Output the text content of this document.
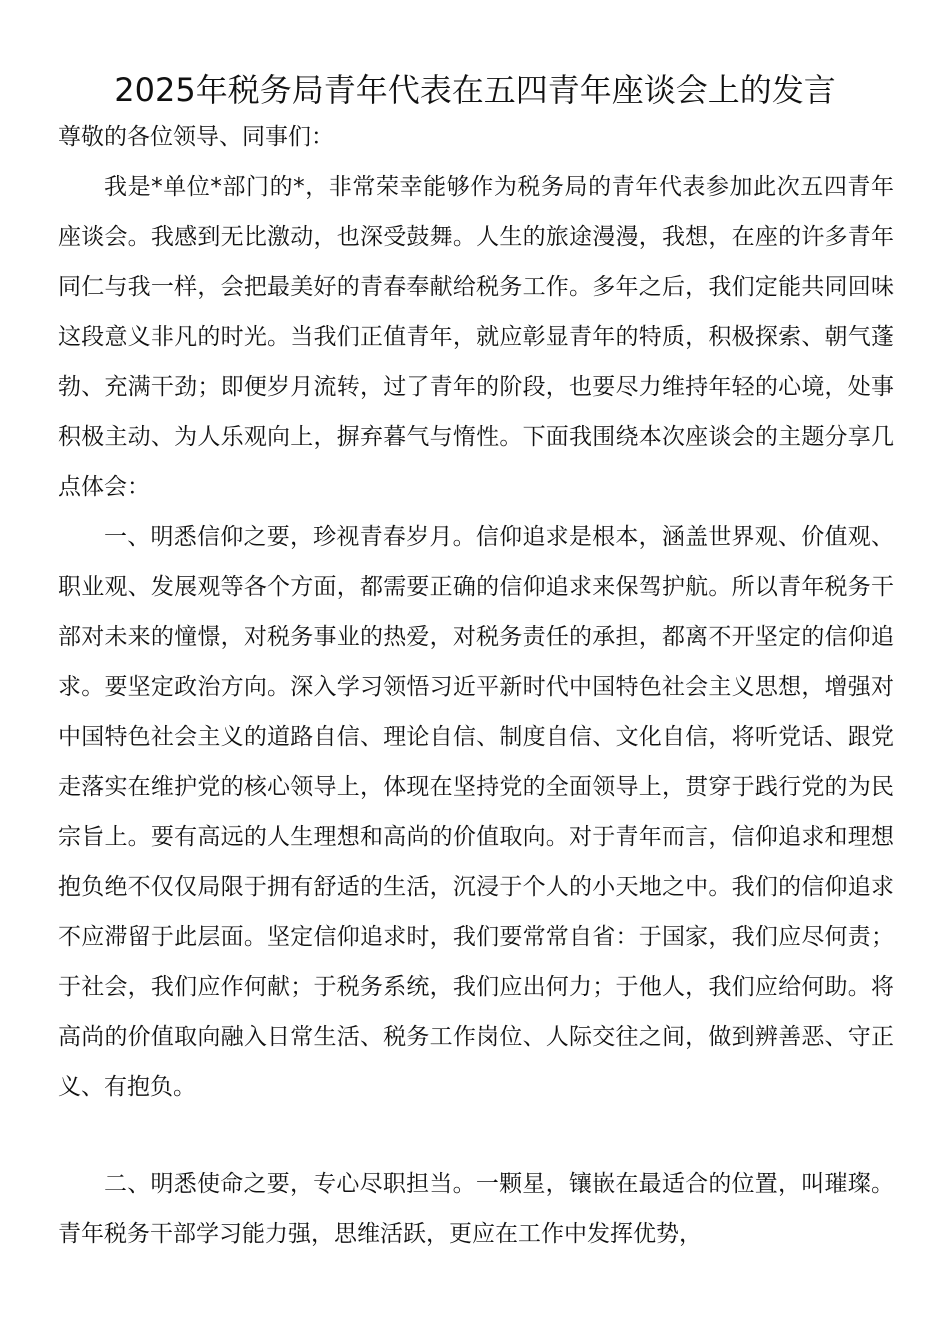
2025年税务局青年代表在五四青年座谈会上的发言
尊敬的各位领导、同事们：

我是*单位*部门的*，非常荣幸能够作为税务局的青年代表参加此次五四青年座谈会。我感到无比激动，也深受鼓舞。人生的旅途漫漫，我想，在座的许多青年同仁与我一样，会把最美好的青春奉献给税务工作。多年之后，我们定能共同回味这段意义非凡的时光。当我们正值青年，就应彰显青年的特质，积极探索、朝气蓬勃、充满干劲；即便岁月流转，过了青年的阶段，也要尽力维持年轻的心境，处事积极主动、为人乐观向上，摒弃暮气与惰性。下面我围绕本次座谈会的主题分享几点体会：

一、明悉信仰之要，珍视青春岁月。信仰追求是根本，涵盖世界观、价值观、职业观、发展观等各个方面，都需要正确的信仰追求来保驾护航。所以青年税务干部对未来的憧憬，对税务事业的热爱，对税务责任的承担，都离不开坚定的信仰追求。要坚定政治方向。深入学习领悟习近平新时代中国特色社会主义思想，增强对中国特色社会主义的道路自信、理论自信、制度自信、文化自信，将听党话、跟党走落实在维护党的核心领导上，体现在坚持党的全面领导上，贯穿于践行党的为民宗旨上。要有高远的人生理想和高尚的价值取向。对于青年而言，信仰追求和理想抱负绝不仅仅局限于拥有舒适的生活，沉浸于个人的小天地之中。我们的信仰追求不应滞留于此层面。坚定信仰追求时，我们要常常自省：于国家，我们应尽何责；于社会，我们应作何献；于税务系统，我们应出何力；于他人，我们应给何助。将高尚的价值取向融入日常生活、税务工作岗位、人际交往之间，做到辨善恶、守正义、有抱负。

二、明悉使命之要，专心尽职担当。一颗星，镶嵌在最适合的位置，叫璀璨。青年税务干部学习能力强，思维活跃，更应在工作中发挥优势，
